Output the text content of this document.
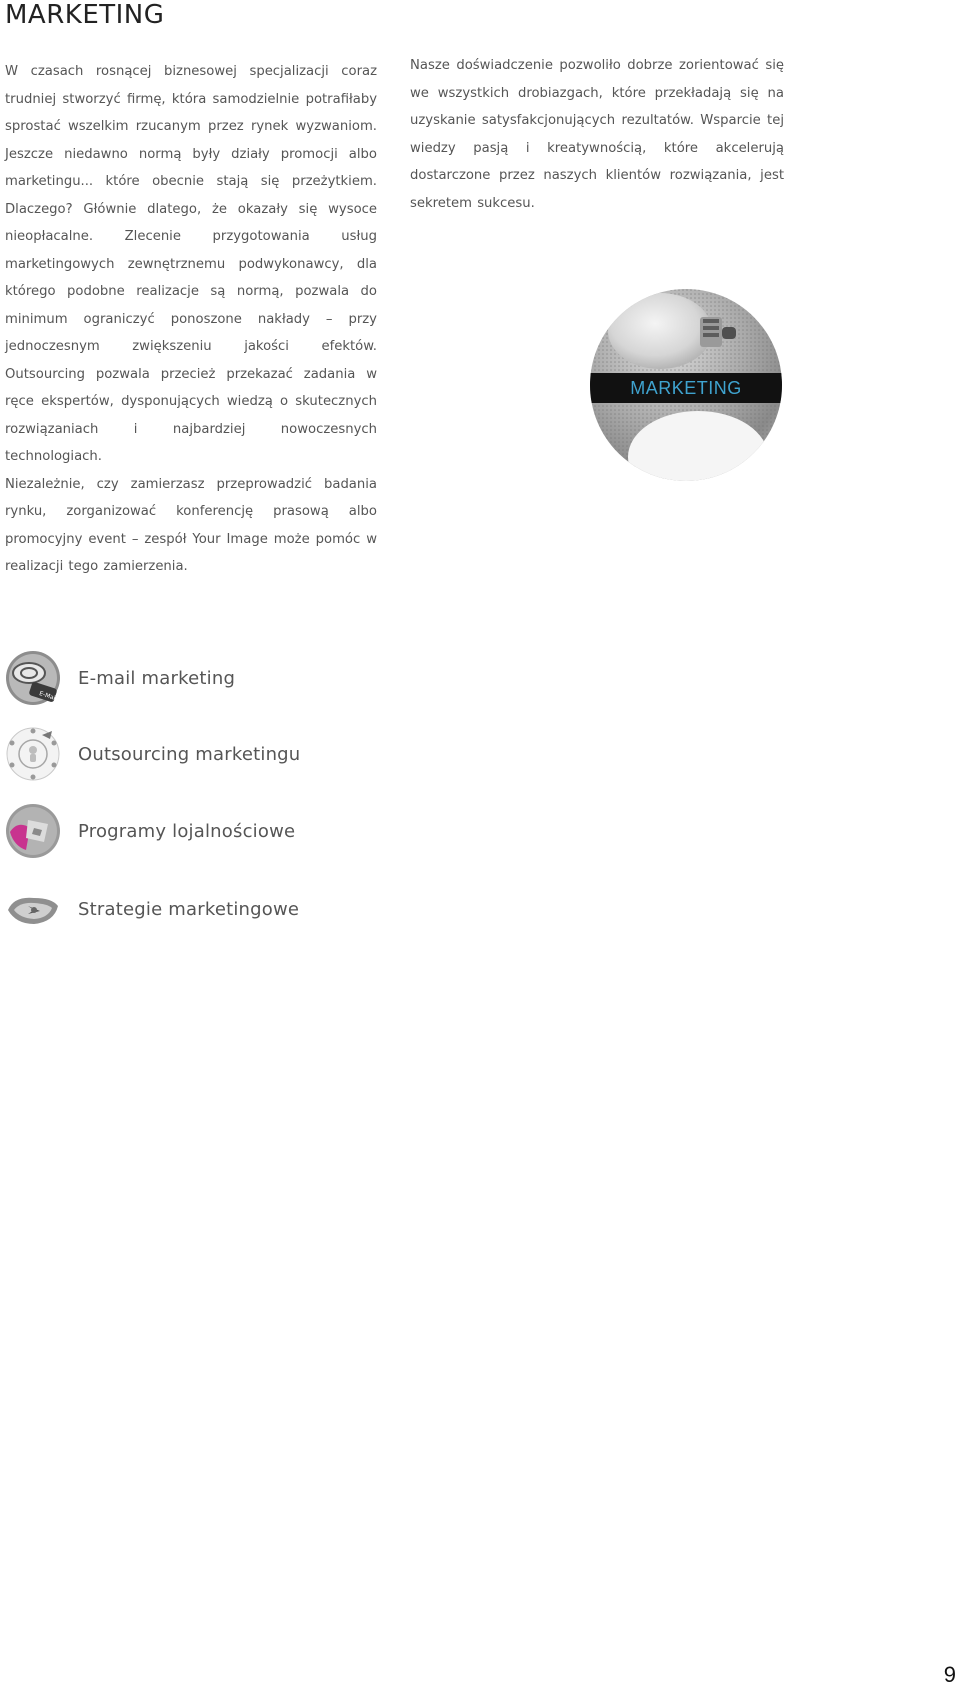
MARKETING

W czasach rosnącej biznesowej specjalizacji coraz trudniej stworzyć firmę, która samodzielnie potrafiłaby sprostać wszelkim rzucanym przez rynek wyzwaniom. Jeszcze niedawno normą były działy promocji albo marketingu... które obecnie stają się przeżytkiem. Dlaczego? Głównie dlatego, że okazały się wysoce nieopłacalne. Zlecenie przygotowania usług marketingowych zewnętrznemu podwykonawcy, dla którego podobne realizacje są normą, pozwala do minimum ograniczyć ponoszone nakłady – przy jednoczesnym zwiększeniu jakości efektów. Outsourcing pozwala przecież przekazać zadania w ręce ekspertów, dysponujących wiedzą o skutecznych rozwiązaniach i najbardziej nowoczesnych technologiach.

Niezależnie, czy zamierzasz przeprowadzić badania rynku, zorganizować konferencję prasową albo promocyjny event – zespół Your Image może pomóc w realizacji tego zamierzenia.

Nasze doświadczenie pozwoliło dobrze zorientować się we wszystkich drobiazgach, które przekładają się na uzyskanie satysfakcjonujących rezultatów. Wsparcie tej wiedzy pasją i kreatywnością, które akcelerują dostarczone przez naszych klientów rozwiązania, jest sekretem sukcesu.

MARKETING
E-Mail
E-mail marketing
Outsourcing marketingu
Programy lojalnościowe
Strategie marketingowe
9
